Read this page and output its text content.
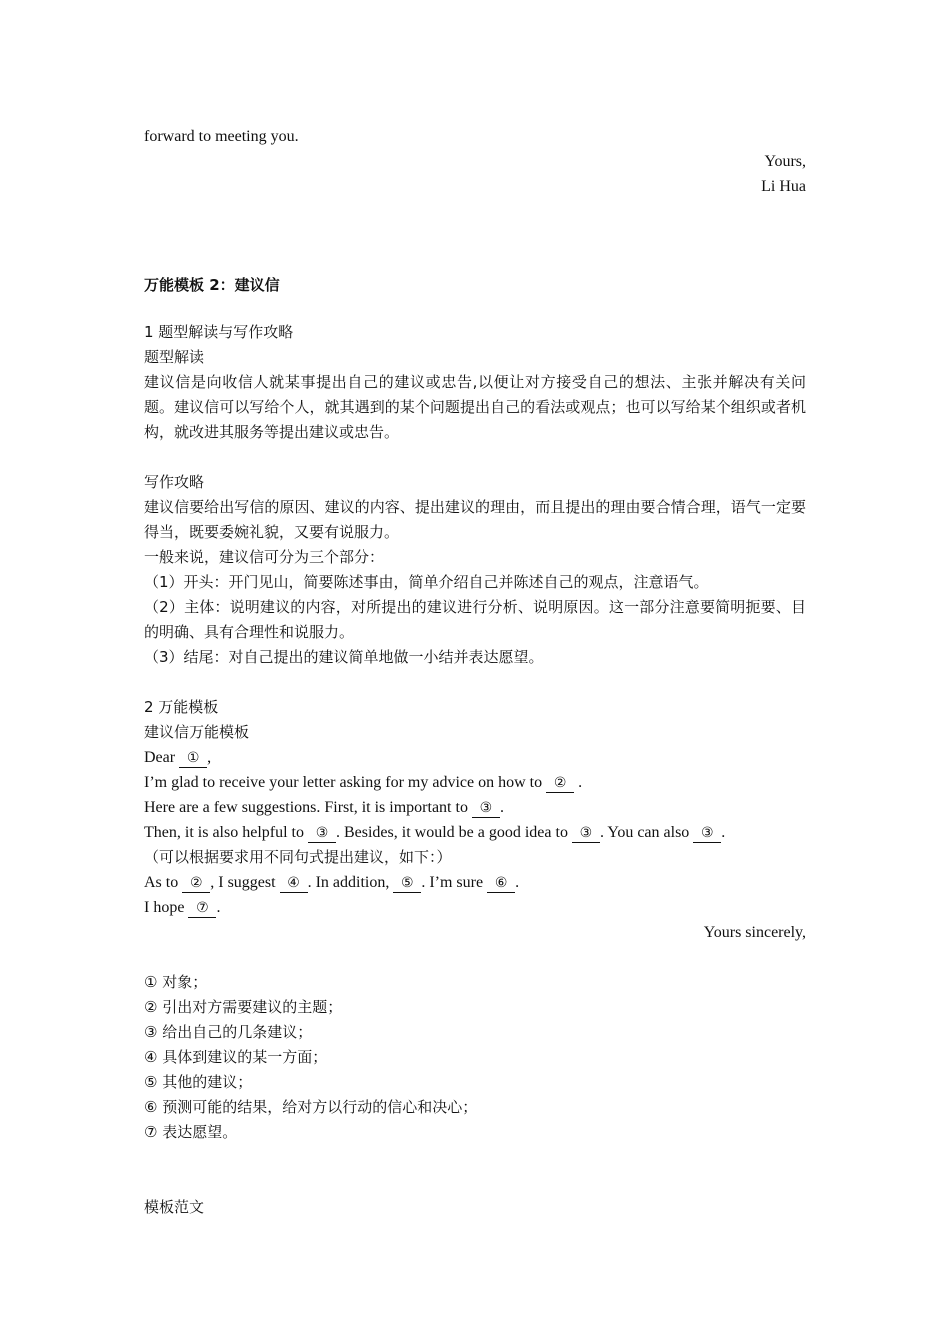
forward to meeting you.
Yours,
Li Hua
万能模板 2：建议信
1 题型解读与写作攻略
题型解读
建议信是向收信人就某事提出自己的建议或忠告,以便让对方接受自己的想法、主张并解决有关问题。建议信可以写给个人，就其遇到的某个问题提出自己的看法或观点；也可以写给某个组织或者机构，就改进其服务等提出建议或忠告。
写作攻略
建议信要给出写信的原因、建议的内容、提出建议的理由，而且提出的理由要合情合理，语气一定要得当，既要委婉礼貌，又要有说服力。
一般来说，建议信可分为三个部分：
（1）开头：开门见山，简要陈述事由，简单介绍自己并陈述自己的观点，注意语气。
（2）主体：说明建议的内容，对所提出的建议进行分析、说明原因。这一部分注意要简明扼要、目的明确、具有合理性和说服力。
（3）结尾：对自己提出的建议简单地做一小结并表达愿望。
2 万能模板
建议信万能模板
Dear ① ,
I’m glad to receive your letter asking for my advice on how to ② .
Here are a few suggestions. First, it is important to ③ .
Then, it is also helpful to ③ . Besides, it would be a good idea to ③ . You can also ③ .
（可以根据要求用不同句式提出建议，如下：）
As to ② , I suggest ④ . In addition, ⑤ . I’m sure ⑥ .
I hope ⑦ .
Yours sincerely,
① 对象；
② 引出对方需要建议的主题；
③ 给出自己的几条建议；
④ 具体到建议的某一方面；
⑤ 其他的建议；
⑥ 预测可能的结果，给对方以行动的信心和决心；
⑦ 表达愿望。
模板范文
